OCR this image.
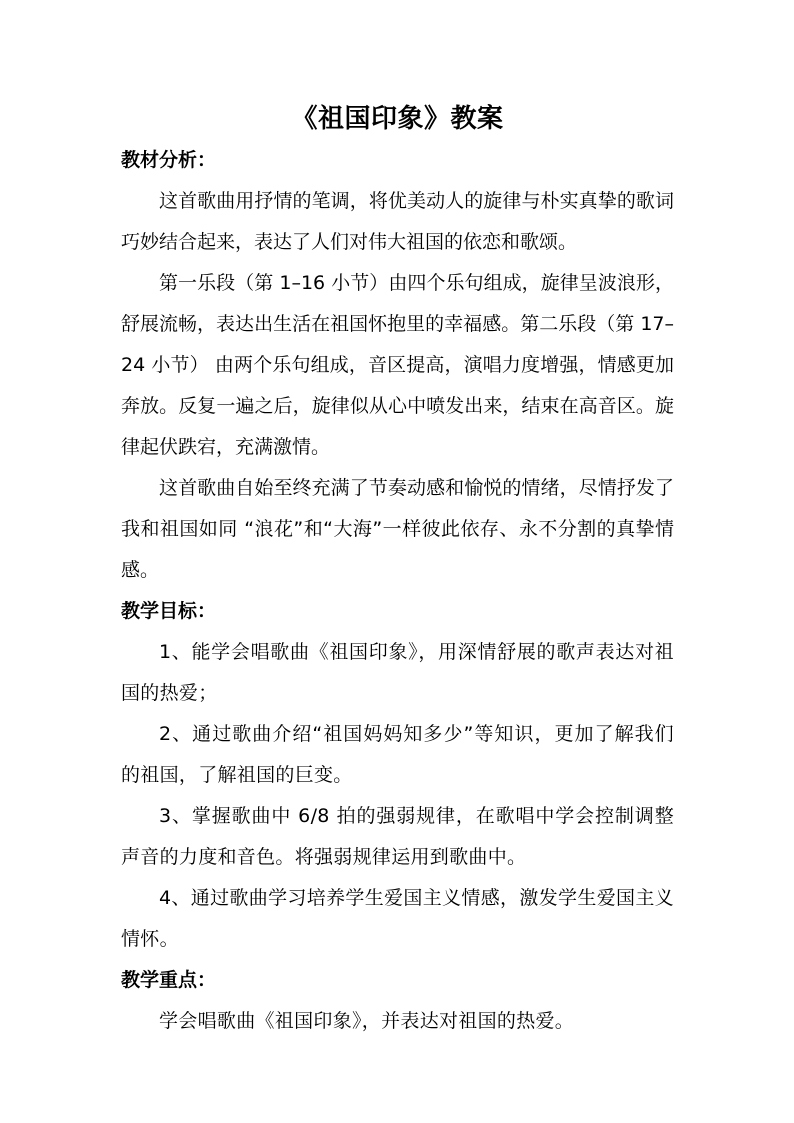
《祖国印象》教案
教材分析：

这首歌曲用抒情的笔调，将优美动人的旋律与朴实真挚的歌词巧妙结合起来，表达了人们对伟大祖国的依恋和歌颂。

第一乐段（第 1–16 小节）由四个乐句组成，旋律呈波浪形，舒展流畅，表达出生活在祖国怀抱里的幸福感。第二乐段（第 17–24 小节） 由两个乐句组成，音区提高，演唱力度增强，情感更加奔放。反复一遍之后，旋律似从心中喷发出来，结束在高音区。旋律起伏跌宕，充满激情。

这首歌曲自始至终充满了节奏动感和愉悦的情绪，尽情抒发了我和祖国如同 “浪花”和“大海”一样彼此依存、永不分割的真挚情感。

教学目标：

1、能学会唱歌曲《祖国印象》，用深情舒展的歌声表达对祖国的热爱；

2、通过歌曲介绍“祖国妈妈知多少”等知识，更加了解我们的祖国，了解祖国的巨变。

3、掌握歌曲中 6/8 拍的强弱规律，在歌唱中学会控制调整声音的力度和音色。将强弱规律运用到歌曲中。

4、通过歌曲学习培养学生爱国主义情感，激发学生爱国主义情怀。

教学重点：

学会唱歌曲《祖国印象》，并表达对祖国的热爱。
